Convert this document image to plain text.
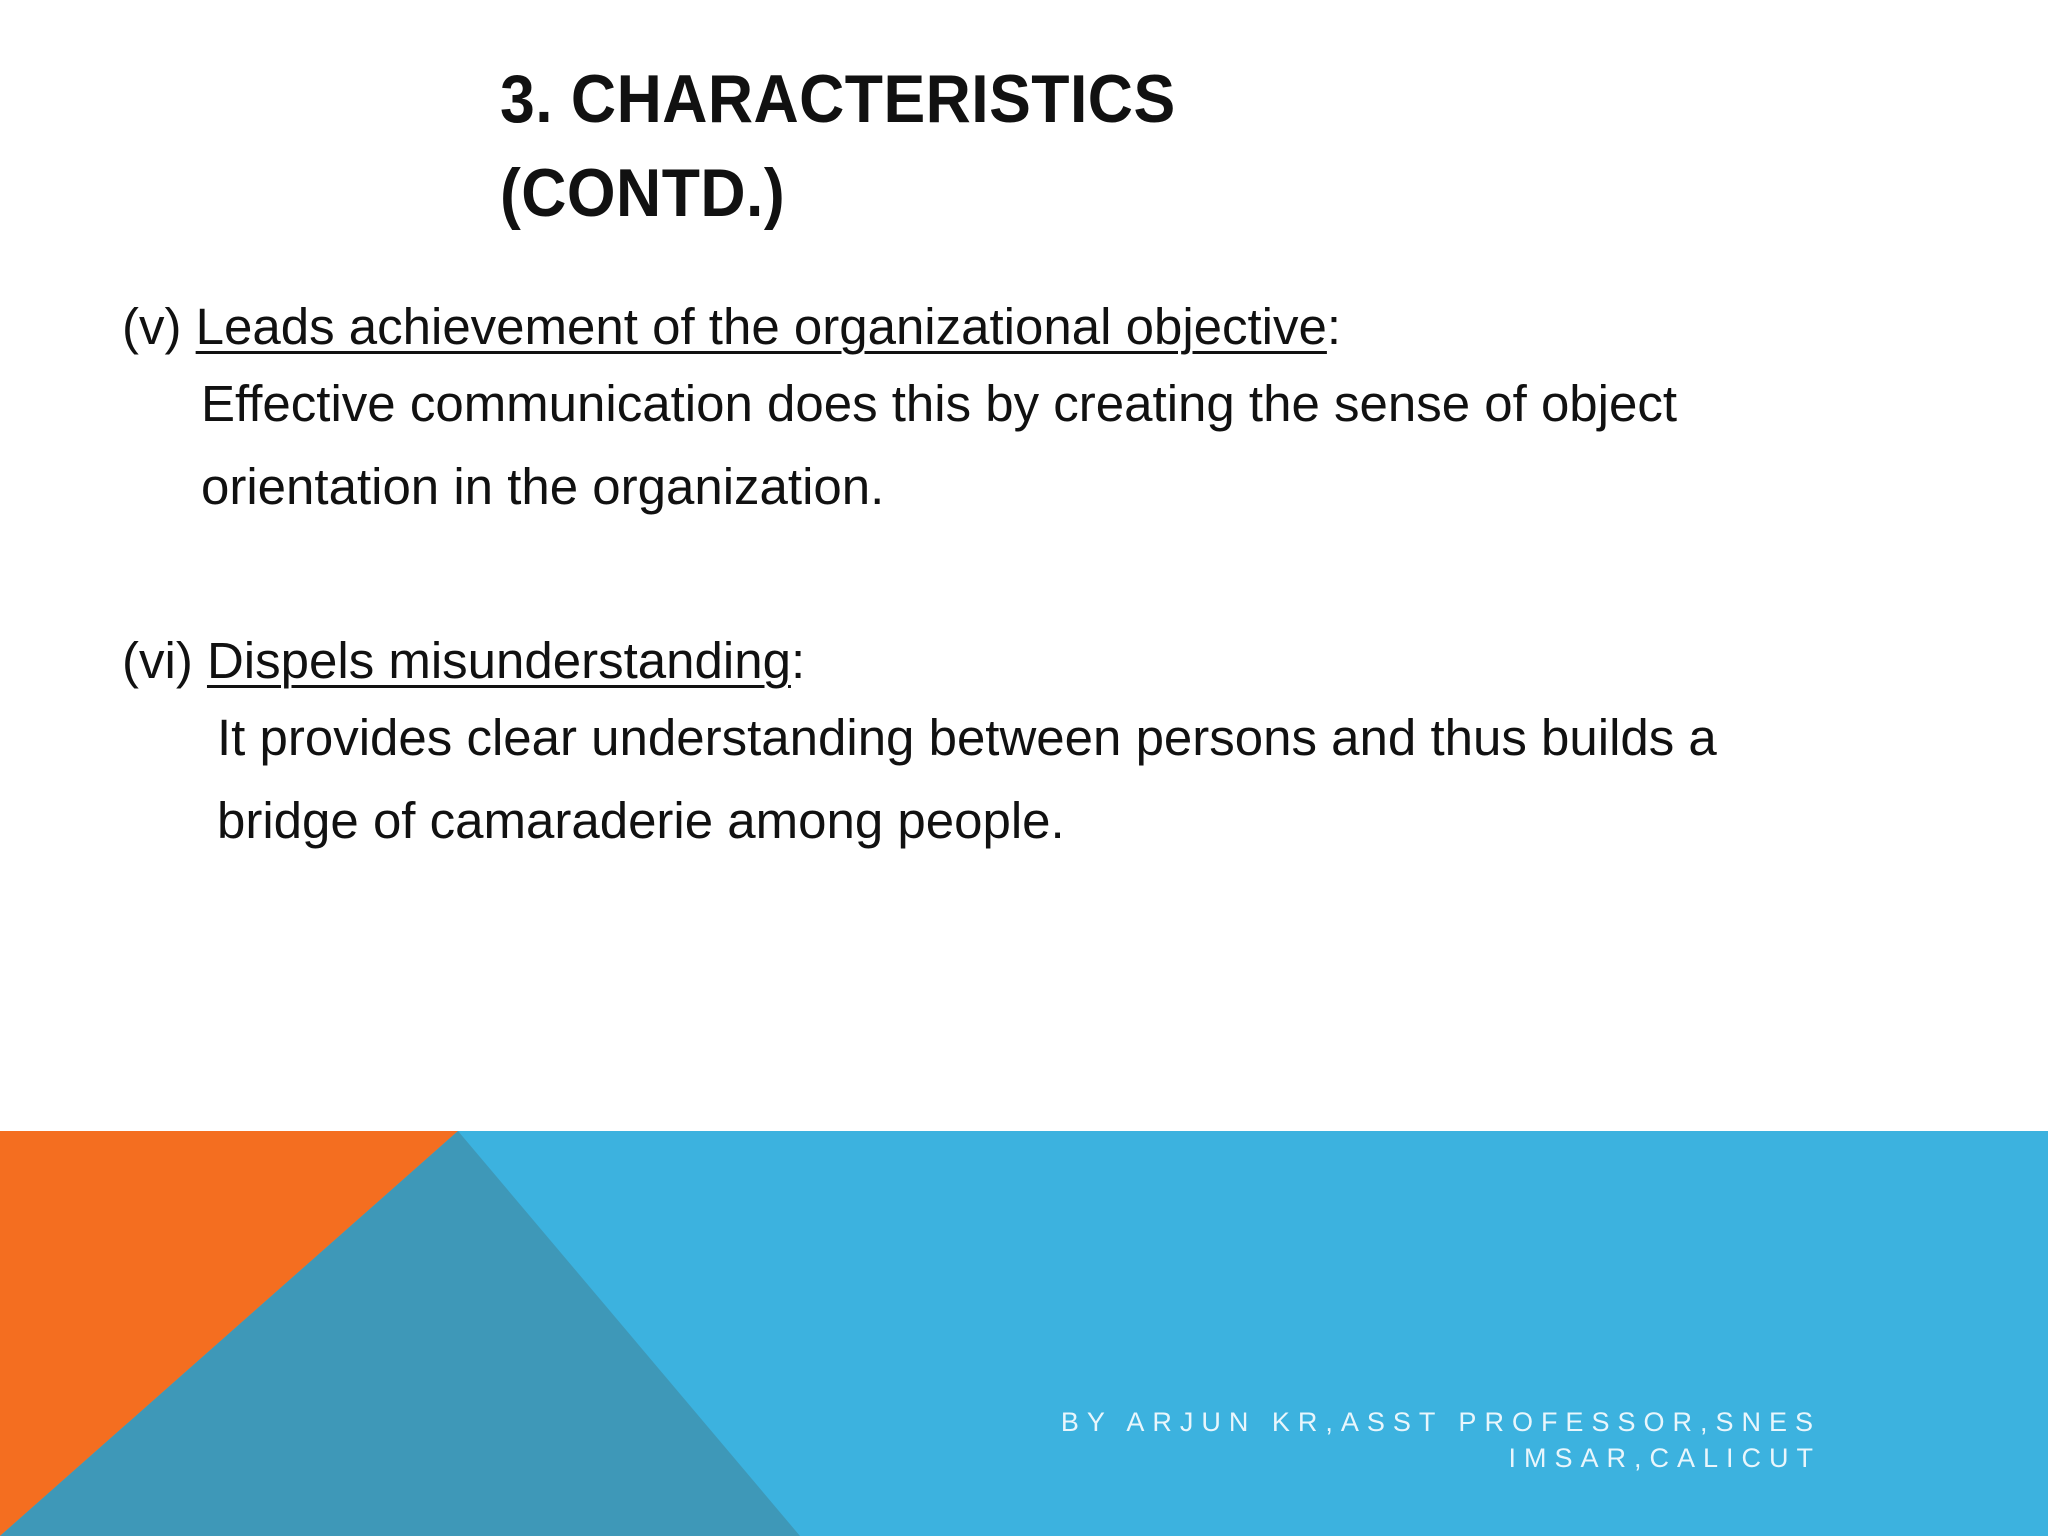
3. CHARACTERISTICS
(CONTD.)
(v) Leads achievement of the organizational objective:

Effective communication does this by creating the sense of object
orientation in the organization.

(vi) Dispels misunderstanding:

It provides clear understanding between persons and thus builds a
bridge of camaraderie among people.

BY ARJUN KR,ASST PROFESSOR,SNES
IMSAR,CALICUT
